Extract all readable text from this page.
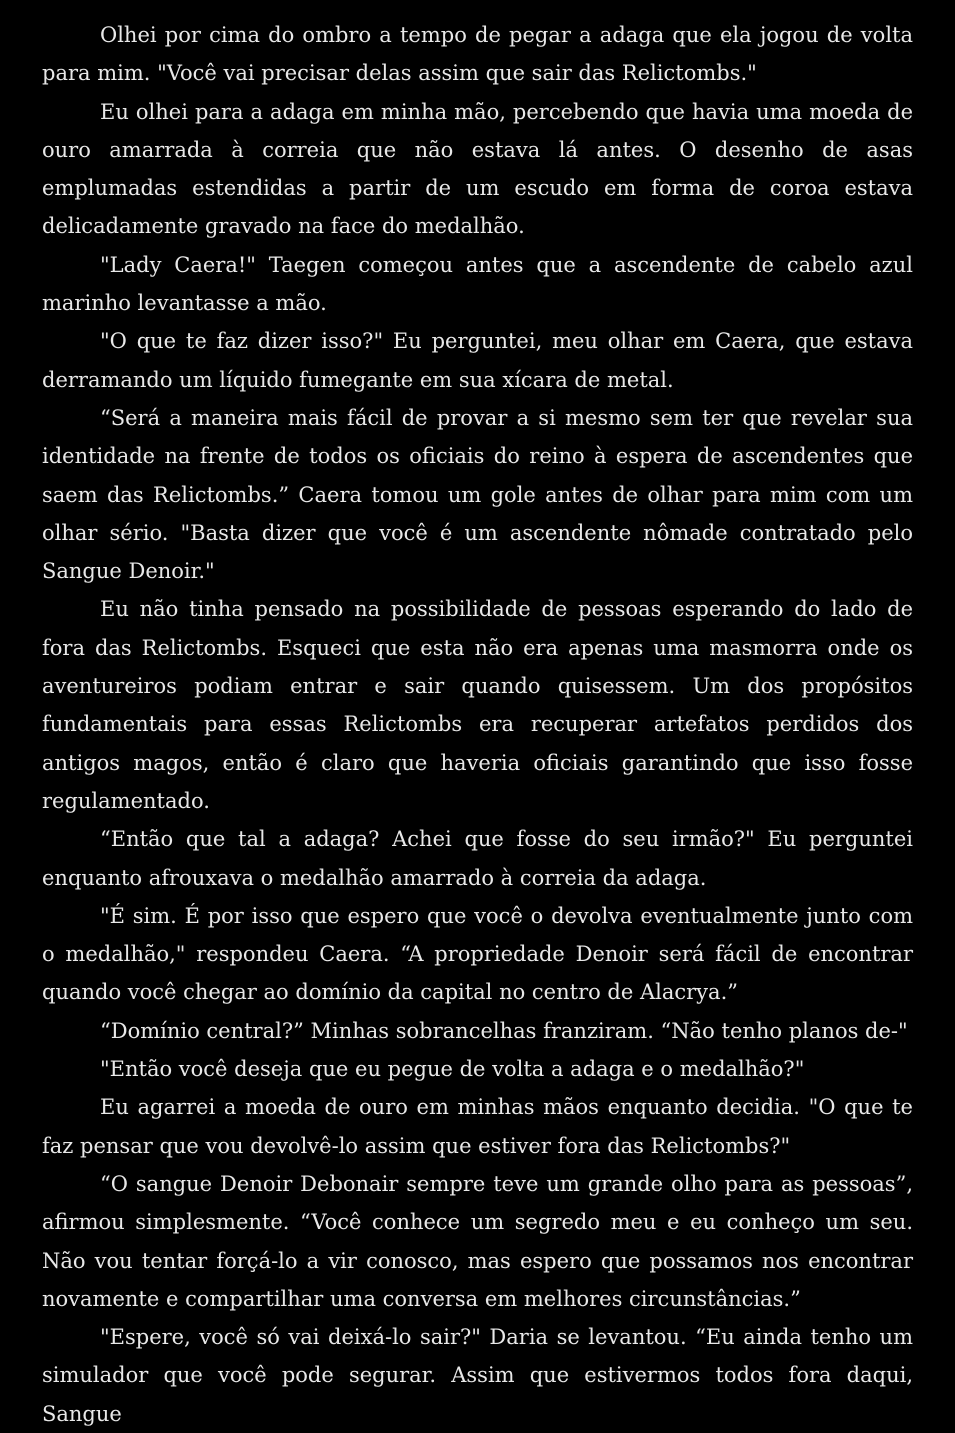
Olhei por cima do ombro a tempo de pegar a adaga que ela jogou de volta para mim. "Você vai precisar delas assim que sair das Relictombs."

Eu olhei para a adaga em minha mão, percebendo que havia uma moeda de ouro amarrada à correia que não estava lá antes. O desenho de asas emplumadas estendidas a partir de um escudo em forma de coroa estava delicadamente gravado na face do medalhão.

"Lady Caera!" Taegen começou antes que a ascendente de cabelo azul marinho levantasse a mão.

"O que te faz dizer isso?" Eu perguntei, meu olhar em Caera, que estava derramando um líquido fumegante em sua xícara de metal.

“Será a maneira mais fácil de provar a si mesmo sem ter que revelar sua identidade na frente de todos os oficiais do reino à espera de ascendentes que saem das Relictombs.” Caera tomou um gole antes de olhar para mim com um olhar sério. "Basta dizer que você é um ascendente nômade contratado pelo Sangue Denoir."

Eu não tinha pensado na possibilidade de pessoas esperando do lado de fora das Relictombs. Esqueci que esta não era apenas uma masmorra onde os aventureiros podiam entrar e sair quando quisessem. Um dos propósitos fundamentais para essas Relictombs era recuperar artefatos perdidos dos antigos magos, então é claro que haveria oficiais garantindo que isso fosse regulamentado.

“Então que tal a adaga? Achei que fosse do seu irmão?" Eu perguntei enquanto afrouxava o medalhão amarrado à correia da adaga.

"É sim. É por isso que espero que você o devolva eventualmente junto com o medalhão," respondeu Caera. “A propriedade Denoir será fácil de encontrar quando você chegar ao domínio da capital no centro de Alacrya.”

“Domínio central?” Minhas sobrancelhas franziram. “Não tenho planos de-"

"Então você deseja que eu pegue de volta a adaga e o medalhão?"

Eu agarrei a moeda de ouro em minhas mãos enquanto decidia. "O que te faz pensar que vou devolvê-lo assim que estiver fora das Relictombs?"

“O sangue Denoir Debonair sempre teve um grande olho para as pessoas”, afirmou simplesmente. “Você conhece um segredo meu e eu conheço um seu. Não vou tentar forçá-lo a vir conosco, mas espero que possamos nos encontrar novamente e compartilhar uma conversa em melhores circunstâncias.”

"Espere, você só vai deixá-lo sair?" Daria se levantou. “Eu ainda tenho um simulador que você pode segurar. Assim que estivermos todos fora daqui, Sangue
